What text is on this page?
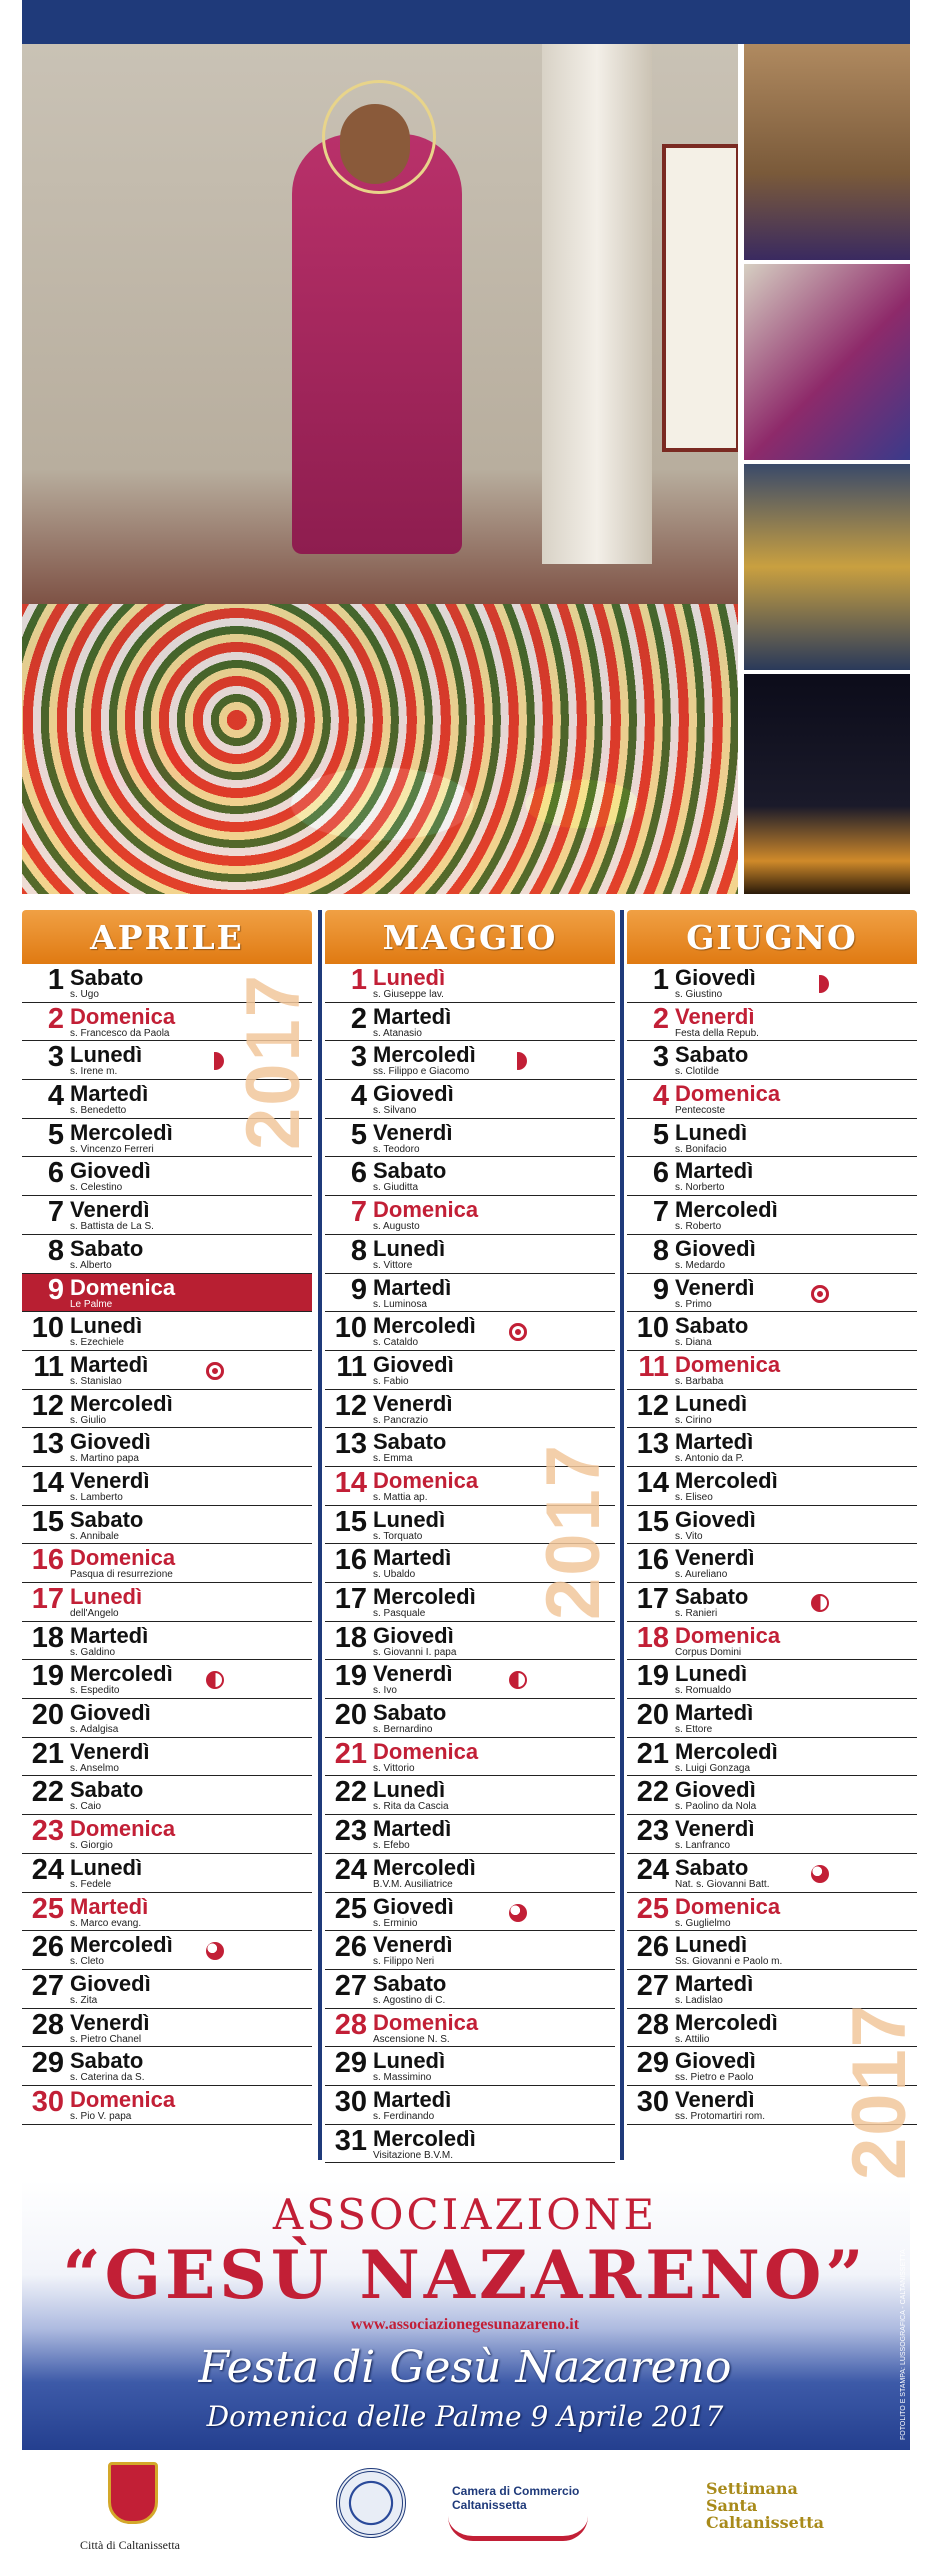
APRILE
1 Sabato
s. Ugo
2 Domenica
s. Francesco da Paola
3 Lunedì
s. Irene m.
4 Martedì
s. Benedetto
5 Mercoledì
s. Vincenzo Ferreri
6 Giovedì
s. Celestino
7 Venerdì
s. Battista de La S.
8 Sabato
s. Alberto
9 Domenica
Le Palme
10 Lunedì
s. Ezechiele
11 Martedì
s. Stanislao
12 Mercoledì
s. Giulio
13 Giovedì
s. Martino papa
14 Venerdì
s. Lamberto
15 Sabato
s. Annibale
16 Domenica
Pasqua di resurrezione
17 Lunedì
dell'Angelo
18 Martedì
s. Galdino
19 Mercoledì
s. Espedito
20 Giovedì
s. Adalgisa
21 Venerdì
s. Anselmo
22 Sabato
s. Caio
23 Domenica
s. Giorgio
24 Lunedì
s. Fedele
25 Martedì
s. Marco evang.
26 Mercoledì
s. Cleto
27 Giovedì
s. Zita
28 Venerdì
s. Pietro Chanel
29 Sabato
s. Caterina da S.
30 Domenica
s. Pio V. papa
MAGGIO
1 Lunedì
s. Giuseppe lav.
2 Martedì
s. Atanasio
3 Mercoledì
ss. Filippo e Giacomo
4 Giovedì
s. Silvano
5 Venerdì
s. Teodoro
6 Sabato
s. Giuditta
7 Domenica
s. Augusto
8 Lunedì
s. Vittore
9 Martedì
s. Luminosa
10 Mercoledì
s. Cataldo
11 Giovedì
s. Fabio
12 Venerdì
s. Pancrazio
13 Sabato
s. Emma
14 Domenica
s. Mattia ap.
15 Lunedì
s. Torquato
16 Martedì
s. Ubaldo
17 Mercoledì
s. Pasquale
18 Giovedì
s. Giovanni I. papa
19 Venerdì
s. Ivo
20 Sabato
s. Bernardino
21 Domenica
s. Vittorio
22 Lunedì
s. Rita da Cascia
23 Martedì
s. Efebo
24 Mercoledì
B.V.M. Ausiliatrice
25 Giovedì
s. Erminio
26 Venerdì
s. Filippo Neri
27 Sabato
s. Agostino di C.
28 Domenica
Ascensione N. S.
29 Lunedì
s. Massimino
30 Martedì
s. Ferdinando
31 Mercoledì
Visitazione B.V.M.
GIUGNO
1 Giovedì
s. Giustino
2 Venerdì
Festa della Repub.
3 Sabato
s. Clotilde
4 Domenica
Pentecoste
5 Lunedì
s. Bonifacio
6 Martedì
s. Norberto
7 Mercoledì
s. Roberto
8 Giovedì
s. Medardo
9 Venerdì
s. Primo
10 Sabato
s. Diana
11 Domenica
s. Barbaba
12 Lunedì
s. Cirino
13 Martedì
s. Antonio da P.
14 Mercoledì
s. Eliseo
15 Giovedì
s. Vito
16 Venerdì
s. Aureliano
17 Sabato
s. Ranieri
18 Domenica
Corpus Domini
19 Lunedì
s. Romualdo
20 Martedì
s. Ettore
21 Mercoledì
s. Luigi Gonzaga
22 Giovedì
s. Paolino da Nola
23 Venerdì
s. Lanfranco
24 Sabato
Nat. s. Giovanni Batt.
25 Domenica
s. Guglielmo
26 Lunedì
Ss. Giovanni e Paolo m.
27 Martedì
s. Ladislao
28 Mercoledì
s. Attilio
29 Giovedì
ss. Pietro e Paolo
30 Venerdì
ss. Protomartiri rom.
2017
2017
2017
ASSOCIAZIONE
“GESÙ NAZARENO”
www.associazionegesunazareno.it
Festa di Gesù Nazareno
Domenica delle Palme 9 Aprile 2017	FOTOLITO E STAMPA: LUSSOGRAFICA - CALTANISSETTA
Città di Caltanissetta
Camera di Commercio
Caltanissetta
Settimana
Santa
Caltanissetta
